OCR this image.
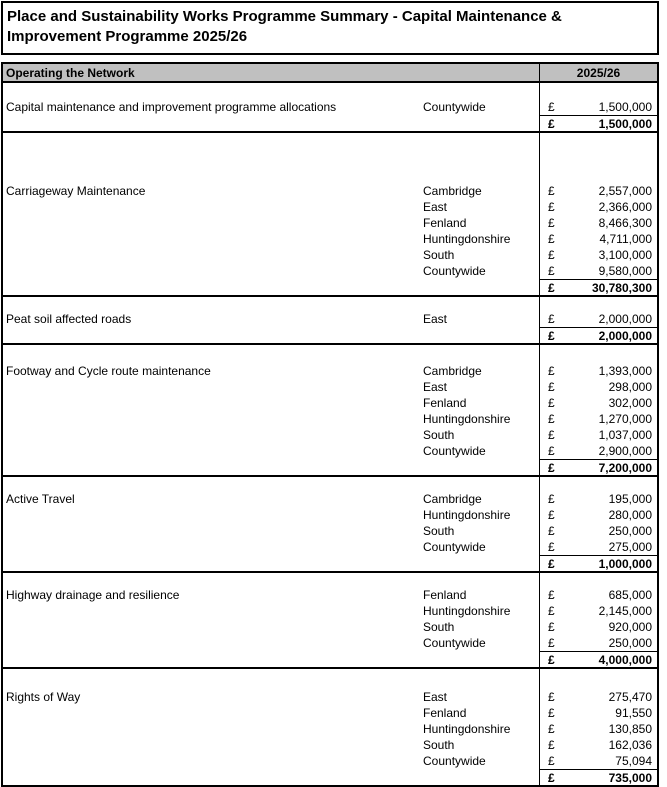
Place and Sustainability Works Programme Summary - Capital Maintenance & Improvement Programme 2025/26
Operating the Network	2025/26
Capital maintenance and improvement programme allocations	Countywide	£	1,500,000
£	1,500,000
Carriageway Maintenance	Cambridge	£	2,557,000
East	£	2,366,000
Fenland	£	8,466,300
Huntingdonshire	£	4,711,000
South	£	3,100,000
Countywide	£	9,580,000
£	30,780,300
Peat soil affected roads	East	£	2,000,000
£	2,000,000
Footway and Cycle route maintenance	Cambridge	£	1,393,000
East	£	298,000
Fenland	£	302,000
Huntingdonshire	£	1,270,000
South	£	1,037,000
Countywide	£	2,900,000
£	7,200,000
Active Travel	Cambridge	£	195,000
Huntingdonshire	£	280,000
South	£	250,000
Countywide	£	275,000
£	1,000,000
Highway drainage and resilience	Fenland	£	685,000
Huntingdonshire	£	2,145,000
South	£	920,000
Countywide	£	250,000
£	4,000,000
Rights of Way	East	£	275,470
Fenland	£	91,550
Huntingdonshire	£	130,850
South	£	162,036
Countywide	£	75,094
£	735,000
